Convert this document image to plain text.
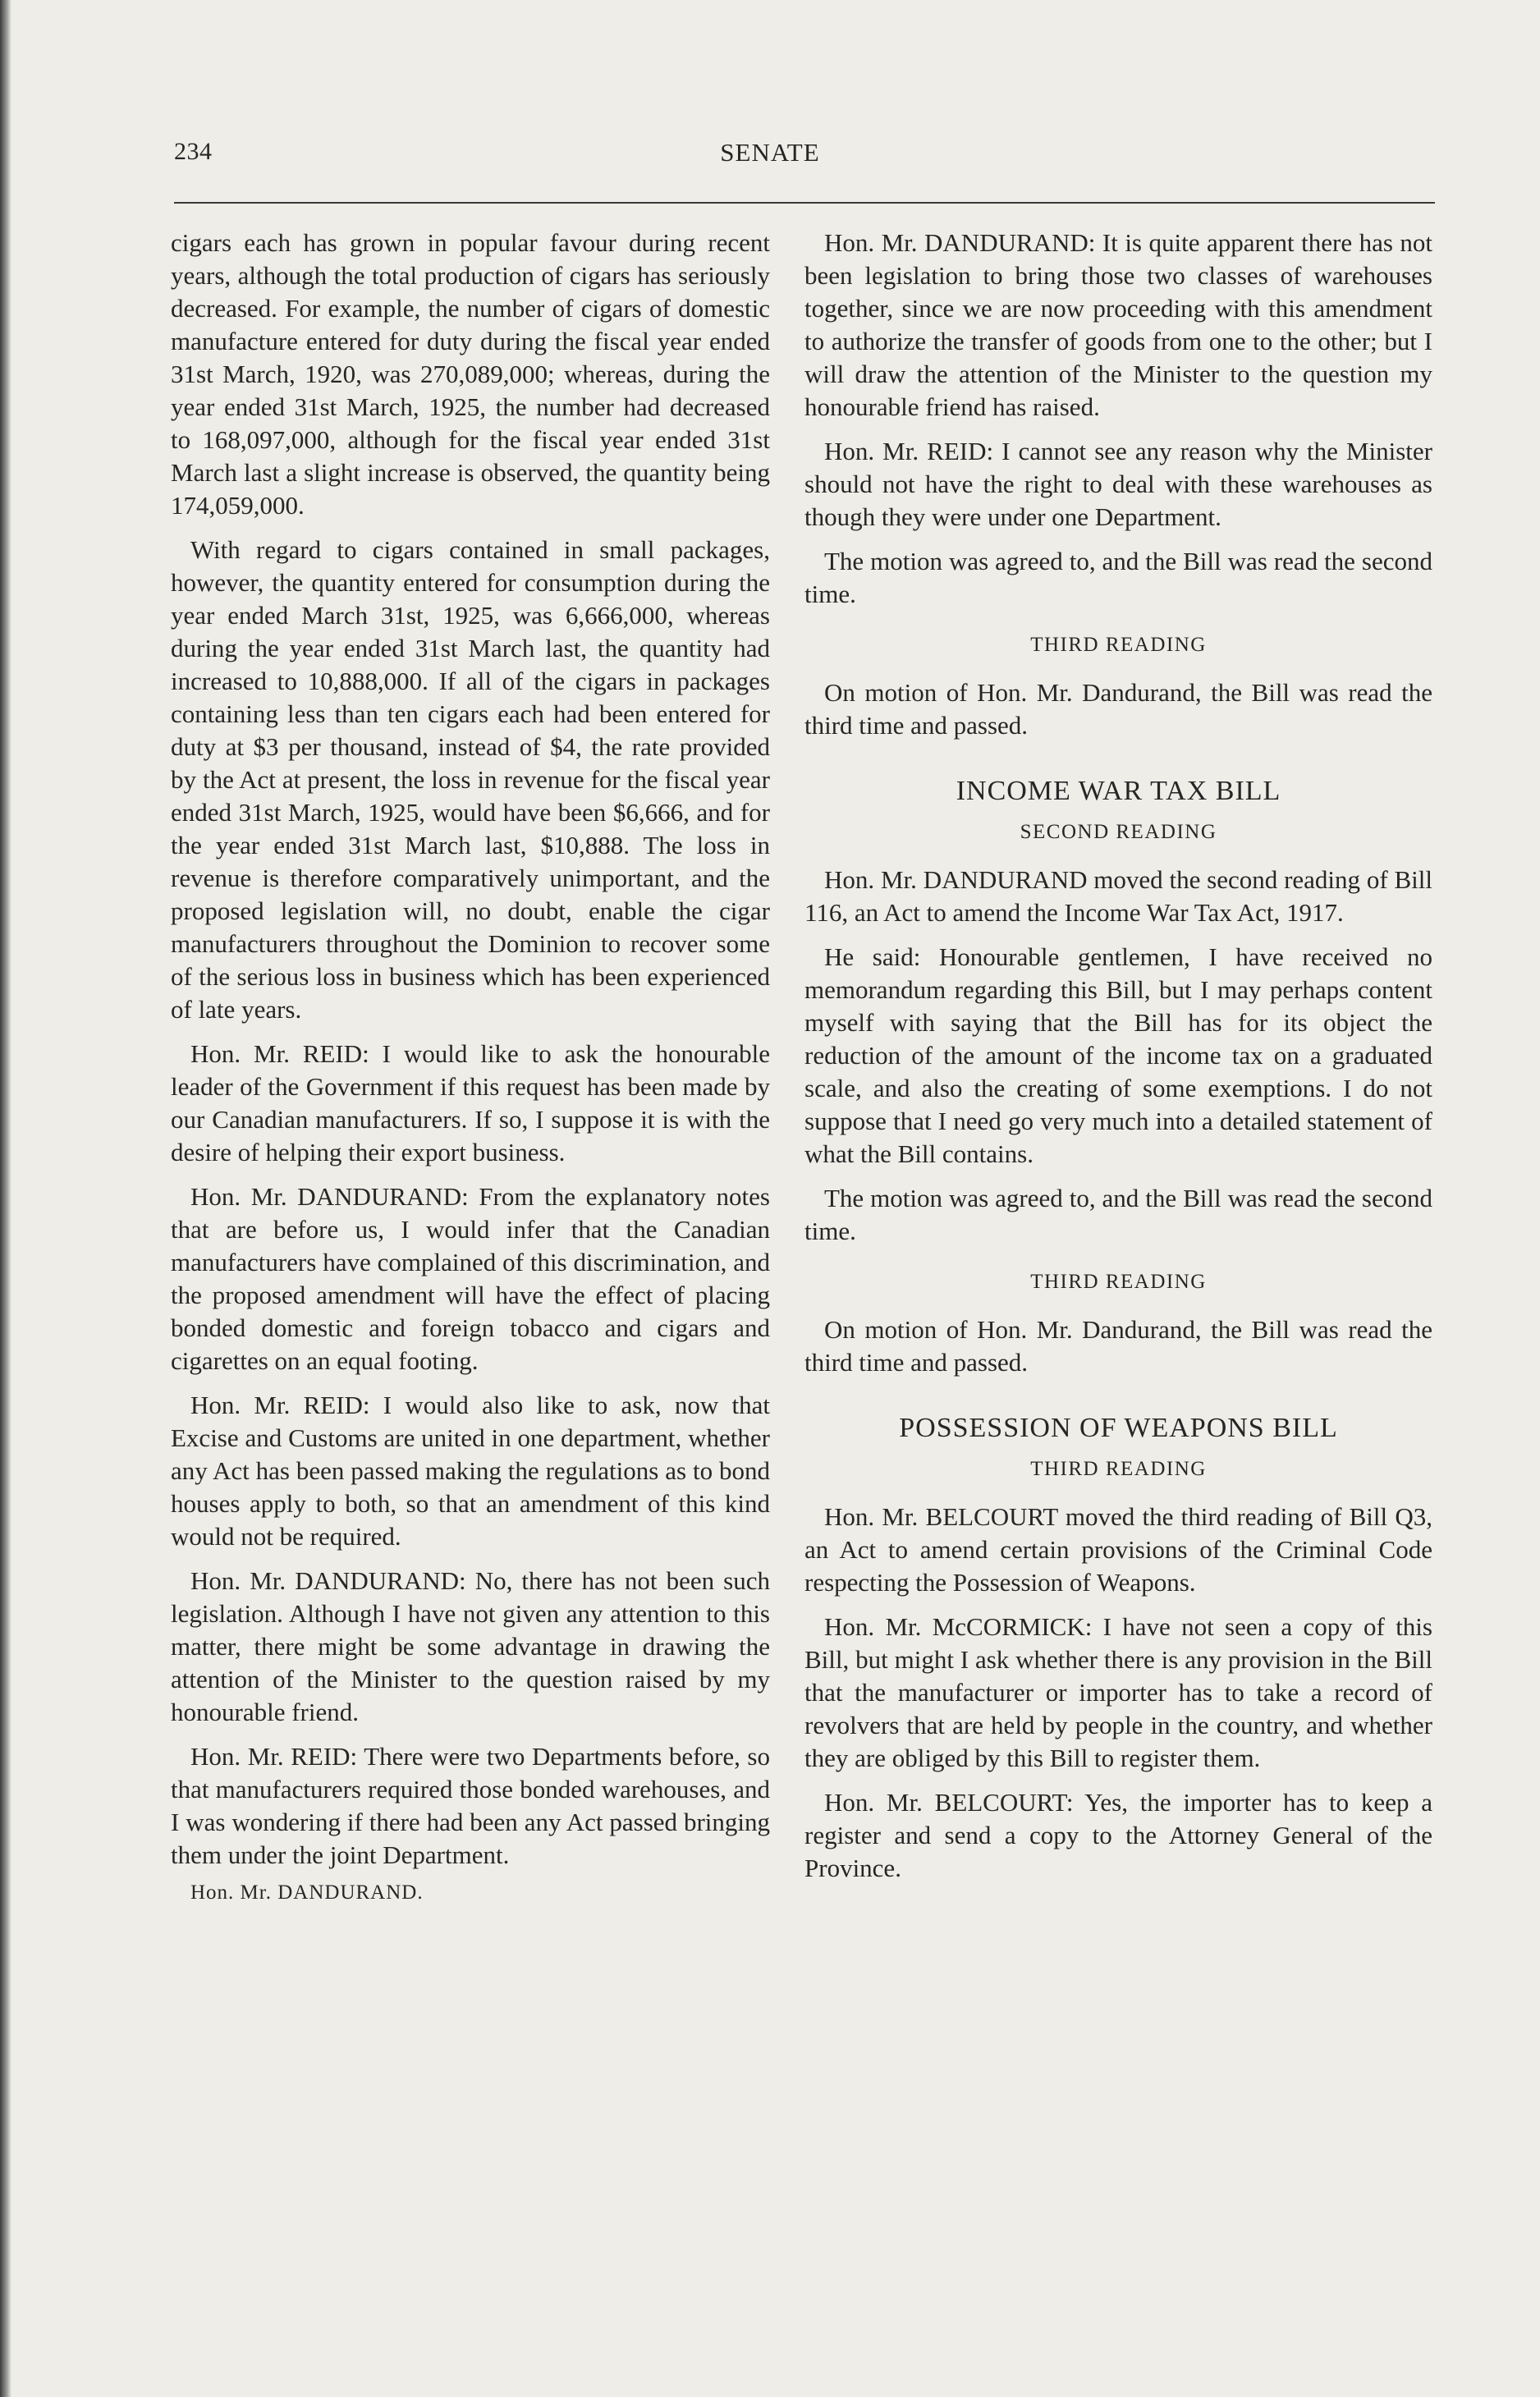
234	SENATE

cigars each has grown in popular favour during recent years, although the total production of cigars has seriously decreased. For example, the number of cigars of domestic manufacture entered for duty during the fiscal year ended 31st March, 1920, was 270,089,000; whereas, during the year ended 31st March, 1925, the number had decreased to 168,097,000, although for the fiscal year ended 31st March last a slight increase is observed, the quantity being 174,059,000.

With regard to cigars contained in small packages, however, the quantity entered for consumption during the year ended March 31st, 1925, was 6,666,000, whereas during the year ended 31st March last, the quantity had increased to 10,888,000. If all of the cigars in packages containing less than ten cigars each had been entered for duty at $3 per thousand, instead of $4, the rate provided by the Act at present, the loss in revenue for the fiscal year ended 31st March, 1925, would have been $6,666, and for the year ended 31st March last, $10,888. The loss in revenue is therefore comparatively unimportant, and the proposed legislation will, no doubt, enable the cigar manufacturers throughout the Dominion to recover some of the serious loss in business which has been experienced of late years.

Hon. Mr. REID: I would like to ask the honourable leader of the Government if this request has been made by our Canadian manufacturers. If so, I suppose it is with the desire of helping their export business.

Hon. Mr. DANDURAND: From the explanatory notes that are before us, I would infer that the Canadian manufacturers have complained of this discrimination, and the proposed amendment will have the effect of placing bonded domestic and foreign tobacco and cigars and cigarettes on an equal footing.

Hon. Mr. REID: I would also like to ask, now that Excise and Customs are united in one department, whether any Act has been passed making the regulations as to bond houses apply to both, so that an amendment of this kind would not be required.

Hon. Mr. DANDURAND: No, there has not been such legislation. Although I have not given any attention to this matter, there might be some advantage in drawing the attention of the Minister to the question raised by my honourable friend.

Hon. Mr. REID: There were two Departments before, so that manufacturers required those bonded warehouses, and I was wondering if there had been any Act passed bringing them under the joint Department.

Hon. Mr. DANDURAND.

Hon. Mr. DANDURAND: It is quite apparent there has not been legislation to bring those two classes of warehouses together, since we are now proceeding with this amendment to authorize the transfer of goods from one to the other; but I will draw the attention of the Minister to the question my honourable friend has raised.

Hon. Mr. REID: I cannot see any reason why the Minister should not have the right to deal with these warehouses as though they were under one Department.

The motion was agreed to, and the Bill was read the second time.

THIRD READING

On motion of Hon. Mr. Dandurand, the Bill was read the third time and passed.

INCOME WAR TAX BILL
SECOND READING

Hon. Mr. DANDURAND moved the second reading of Bill 116, an Act to amend the Income War Tax Act, 1917.

He said: Honourable gentlemen, I have received no memorandum regarding this Bill, but I may perhaps content myself with saying that the Bill has for its object the reduction of the amount of the income tax on a graduated scale, and also the creating of some exemptions. I do not suppose that I need go very much into a detailed statement of what the Bill contains.

The motion was agreed to, and the Bill was read the second time.

THIRD READING

On motion of Hon. Mr. Dandurand, the Bill was read the third time and passed.

POSSESSION OF WEAPONS BILL
THIRD READING

Hon. Mr. BELCOURT moved the third reading of Bill Q3, an Act to amend certain provisions of the Criminal Code respecting the Possession of Weapons.

Hon. Mr. McCORMICK: I have not seen a copy of this Bill, but might I ask whether there is any provision in the Bill that the manufacturer or importer has to take a record of revolvers that are held by people in the country, and whether they are obliged by this Bill to register them.

Hon. Mr. BELCOURT: Yes, the importer has to keep a register and send a copy to the Attorney General of the Province.
